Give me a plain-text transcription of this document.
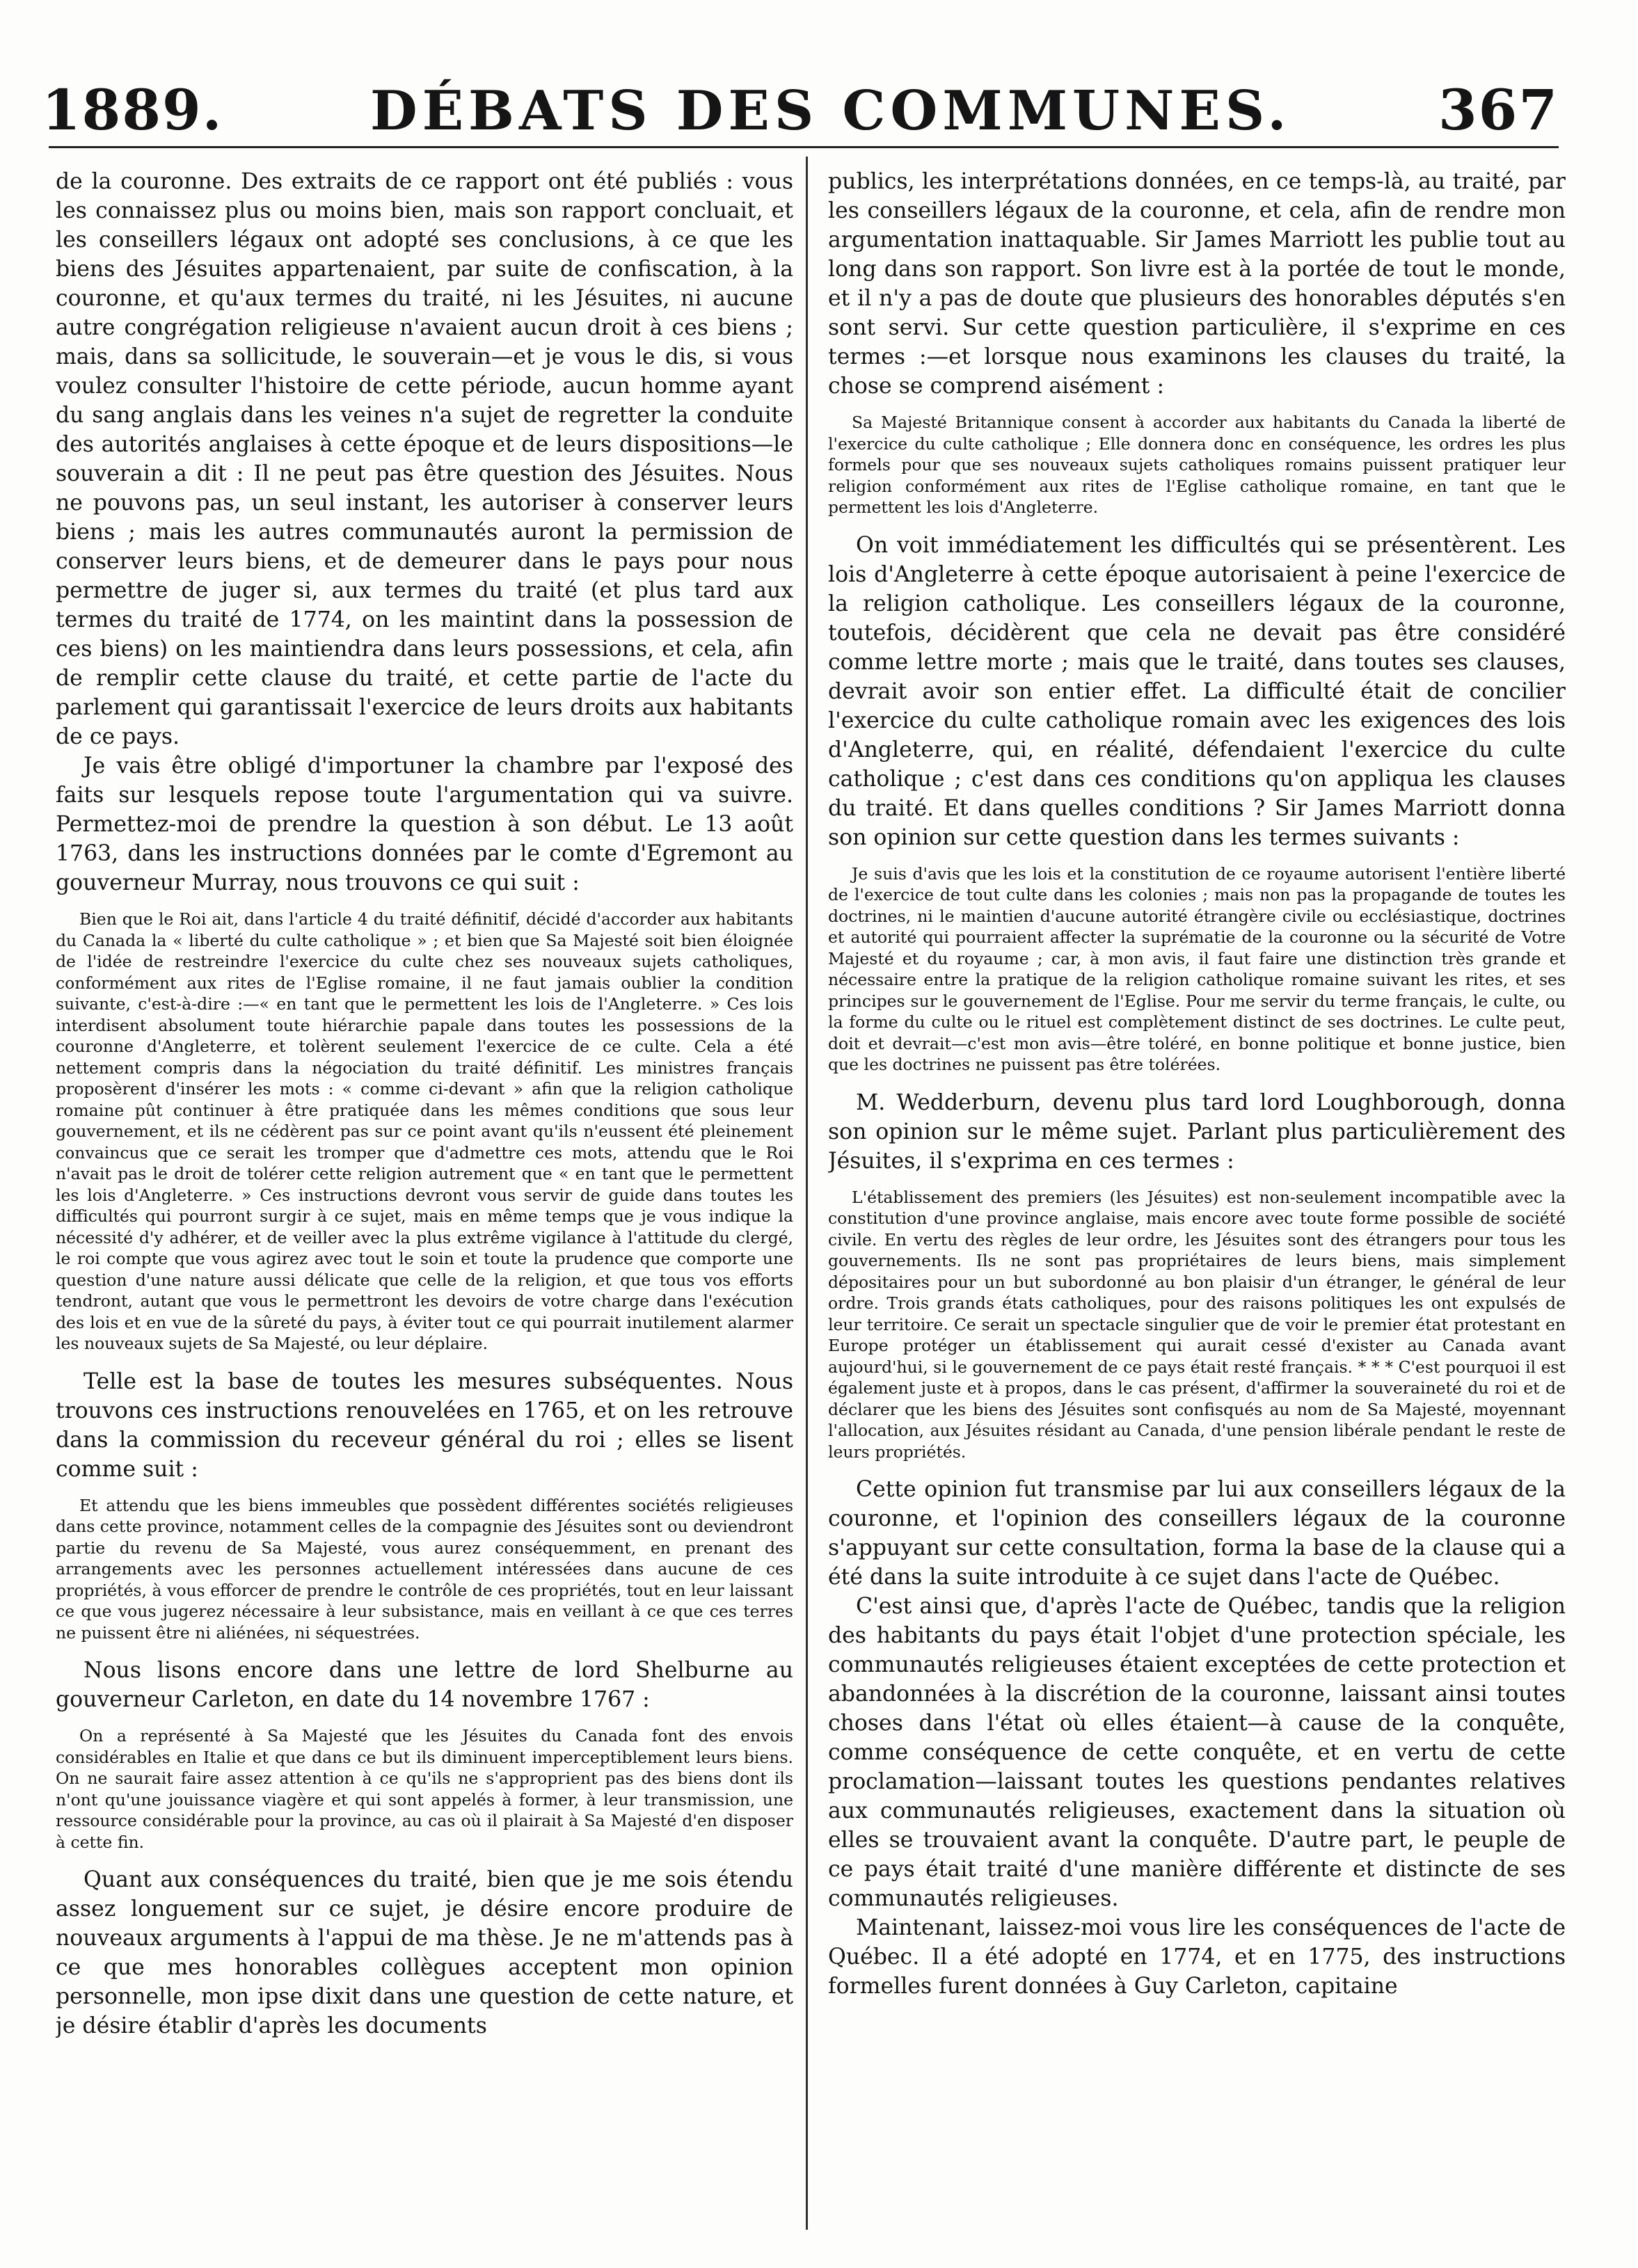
1889.	DÉBATS DES COMMUNES.	367

de la couronne. Des extraits de ce rapport ont été publiés : vous les connaissez plus ou moins bien, mais son rapport concluait, et les conseillers légaux ont adopté ses conclusions, à ce que les biens des Jésuites appartenaient, par suite de confiscation, à la couronne, et qu'aux termes du traité, ni les Jésuites, ni aucune autre congrégation religieuse n'avaient aucun droit à ces biens ; mais, dans sa sollicitude, le souverain—et je vous le dis, si vous voulez consulter l'histoire de cette période, aucun homme ayant du sang anglais dans les veines n'a sujet de regretter la conduite des autorités anglaises à cette époque et de leurs dispositions—le souverain a dit : Il ne peut pas être question des Jésuites. Nous ne pouvons pas, un seul instant, les autoriser à conserver leurs biens ; mais les autres communautés auront la permission de conserver leurs biens, et de demeurer dans le pays pour nous permettre de juger si, aux termes du traité (et plus tard aux termes du traité de 1774, on les maintint dans la possession de ces biens) on les maintiendra dans leurs possessions, et cela, afin de remplir cette clause du traité, et cette partie de l'acte du parlement qui garantissait l'exercice de leurs droits aux habitants de ce pays.

Je vais être obligé d'importuner la chambre par l'exposé des faits sur lesquels repose toute l'argumentation qui va suivre. Permettez-moi de prendre la question à son début. Le 13 août 1763, dans les instructions données par le comte d'Egremont au gouverneur Murray, nous trouvons ce qui suit :

Bien que le Roi ait, dans l'article 4 du traité définitif, décidé d'accorder aux habitants du Canada la « liberté du culte catholique » ; et bien que Sa Majesté soit bien éloignée de l'idée de restreindre l'exercice du culte chez ses nouveaux sujets catholiques, conformément aux rites de l'Eglise romaine, il ne faut jamais oublier la condition suivante, c'est-à-dire :—« en tant que le permettent les lois de l'Angleterre. » Ces lois interdisent absolument toute hiérarchie papale dans toutes les possessions de la couronne d'Angleterre, et tolèrent seulement l'exercice de ce culte. Cela a été nettement compris dans la négociation du traité définitif. Les ministres français proposèrent d'insérer les mots : « comme ci-devant » afin que la religion catholique romaine pût continuer à être pratiquée dans les mêmes conditions que sous leur gouvernement, et ils ne cédèrent pas sur ce point avant qu'ils n'eussent été pleinement convaincus que ce serait les tromper que d'admettre ces mots, attendu que le Roi n'avait pas le droit de tolérer cette religion autrement que « en tant que le permettent les lois d'Angleterre. » Ces instructions devront vous servir de guide dans toutes les difficultés qui pourront surgir à ce sujet, mais en même temps que je vous indique la nécessité d'y adhérer, et de veiller avec la plus extrême vigilance à l'attitude du clergé, le roi compte que vous agirez avec tout le soin et toute la prudence que comporte une question d'une nature aussi délicate que celle de la religion, et que tous vos efforts tendront, autant que vous le permettront les devoirs de votre charge dans l'exécution des lois et en vue de la sûreté du pays, à éviter tout ce qui pourrait inutilement alarmer les nouveaux sujets de Sa Majesté, ou leur déplaire.

Telle est la base de toutes les mesures subséquentes. Nous trouvons ces instructions renouvelées en 1765, et on les retrouve dans la commission du receveur général du roi ; elles se lisent comme suit :

Et attendu que les biens immeubles que possèdent différentes sociétés religieuses dans cette province, notamment celles de la compagnie des Jésuites sont ou deviendront partie du revenu de Sa Majesté, vous aurez conséquemment, en prenant des arrangements avec les personnes actuellement intéressées dans aucune de ces propriétés, à vous efforcer de prendre le contrôle de ces propriétés, tout en leur laissant ce que vous jugerez nécessaire à leur subsistance, mais en veillant à ce que ces terres ne puissent être ni aliénées, ni séquestrées.

Nous lisons encore dans une lettre de lord Shelburne au gouverneur Carleton, en date du 14 novembre 1767 :

On a représenté à Sa Majesté que les Jésuites du Canada font des envois considérables en Italie et que dans ce but ils diminuent imperceptiblement leurs biens. On ne saurait faire assez attention à ce qu'ils ne s'approprient pas des biens dont ils n'ont qu'une jouissance viagère et qui sont appelés à former, à leur transmission, une ressource considérable pour la province, au cas où il plairait à Sa Majesté d'en disposer à cette fin.

Quant aux conséquences du traité, bien que je me sois étendu assez longuement sur ce sujet, je désire encore produire de nouveaux arguments à l'appui de ma thèse. Je ne m'attends pas à ce que mes honorables collègues acceptent mon opinion personnelle, mon ipse dixit dans une question de cette nature, et je désire établir d'après les documents

publics, les interprétations données, en ce temps-là, au traité, par les conseillers légaux de la couronne, et cela, afin de rendre mon argumentation inattaquable. Sir James Marriott les publie tout au long dans son rapport. Son livre est à la portée de tout le monde, et il n'y a pas de doute que plusieurs des honorables députés s'en sont servi. Sur cette question particulière, il s'exprime en ces termes :—et lorsque nous examinons les clauses du traité, la chose se comprend aisément :

Sa Majesté Britannique consent à accorder aux habitants du Canada la liberté de l'exercice du culte catholique ; Elle donnera donc en conséquence, les ordres les plus formels pour que ses nouveaux sujets catholiques romains puissent pratiquer leur religion conformément aux rites de l'Eglise catholique romaine, en tant que le permettent les lois d'Angleterre.

On voit immédiatement les difficultés qui se présentèrent. Les lois d'Angleterre à cette époque autorisaient à peine l'exercice de la religion catholique. Les conseillers légaux de la couronne, toutefois, décidèrent que cela ne devait pas être considéré comme lettre morte ; mais que le traité, dans toutes ses clauses, devrait avoir son entier effet. La difficulté était de concilier l'exercice du culte catholique romain avec les exigences des lois d'Angleterre, qui, en réalité, défendaient l'exercice du culte catholique ; c'est dans ces conditions qu'on appliqua les clauses du traité. Et dans quelles conditions ? Sir James Marriott donna son opinion sur cette question dans les termes suivants :

Je suis d'avis que les lois et la constitution de ce royaume autorisent l'entière liberté de l'exercice de tout culte dans les colonies ; mais non pas la propagande de toutes les doctrines, ni le maintien d'aucune autorité étrangère civile ou ecclésiastique, doctrines et autorité qui pourraient affecter la suprématie de la couronne ou la sécurité de Votre Majesté et du royaume ; car, à mon avis, il faut faire une distinction très grande et nécessaire entre la pratique de la religion catholique romaine suivant les rites, et ses principes sur le gouvernement de l'Eglise. Pour me servir du terme français, le culte, ou la forme du culte ou le rituel est complètement distinct de ses doctrines. Le culte peut, doit et devrait—c'est mon avis—être toléré, en bonne politique et bonne justice, bien que les doctrines ne puissent pas être tolérées.

M. Wedderburn, devenu plus tard lord Loughborough, donna son opinion sur le même sujet. Parlant plus particulièrement des Jésuites, il s'exprima en ces termes :

L'établissement des premiers (les Jésuites) est non-seulement incompatible avec la constitution d'une province anglaise, mais encore avec toute forme possible de société civile. En vertu des règles de leur ordre, les Jésuites sont des étrangers pour tous les gouvernements. Ils ne sont pas propriétaires de leurs biens, mais simplement dépositaires pour un but subordonné au bon plaisir d'un étranger, le général de leur ordre. Trois grands états catholiques, pour des raisons politiques les ont expulsés de leur territoire. Ce serait un spectacle singulier que de voir le premier état protestant en Europe protéger un établissement qui aurait cessé d'exister au Canada avant aujourd'hui, si le gouvernement de ce pays était resté français. * * * C'est pourquoi il est également juste et à propos, dans le cas présent, d'affirmer la souveraineté du roi et de déclarer que les biens des Jésuites sont confisqués au nom de Sa Majesté, moyennant l'allocation, aux Jésuites résidant au Canada, d'une pension libérale pendant le reste de leurs propriétés.

Cette opinion fut transmise par lui aux conseillers légaux de la couronne, et l'opinion des conseillers légaux de la couronne s'appuyant sur cette consultation, forma la base de la clause qui a été dans la suite introduite à ce sujet dans l'acte de Québec.

C'est ainsi que, d'après l'acte de Québec, tandis que la religion des habitants du pays était l'objet d'une protection spéciale, les communautés religieuses étaient exceptées de cette protection et abandonnées à la discrétion de la couronne, laissant ainsi toutes choses dans l'état où elles étaient—à cause de la conquête, comme conséquence de cette conquête, et en vertu de cette proclamation—laissant toutes les questions pendantes relatives aux communautés religieuses, exactement dans la situation où elles se trouvaient avant la conquête. D'autre part, le peuple de ce pays était traité d'une manière différente et distincte de ses communautés religieuses.

Maintenant, laissez-moi vous lire les conséquences de l'acte de Québec. Il a été adopté en 1774, et en 1775, des instructions formelles furent données à Guy Carleton, capitaine
